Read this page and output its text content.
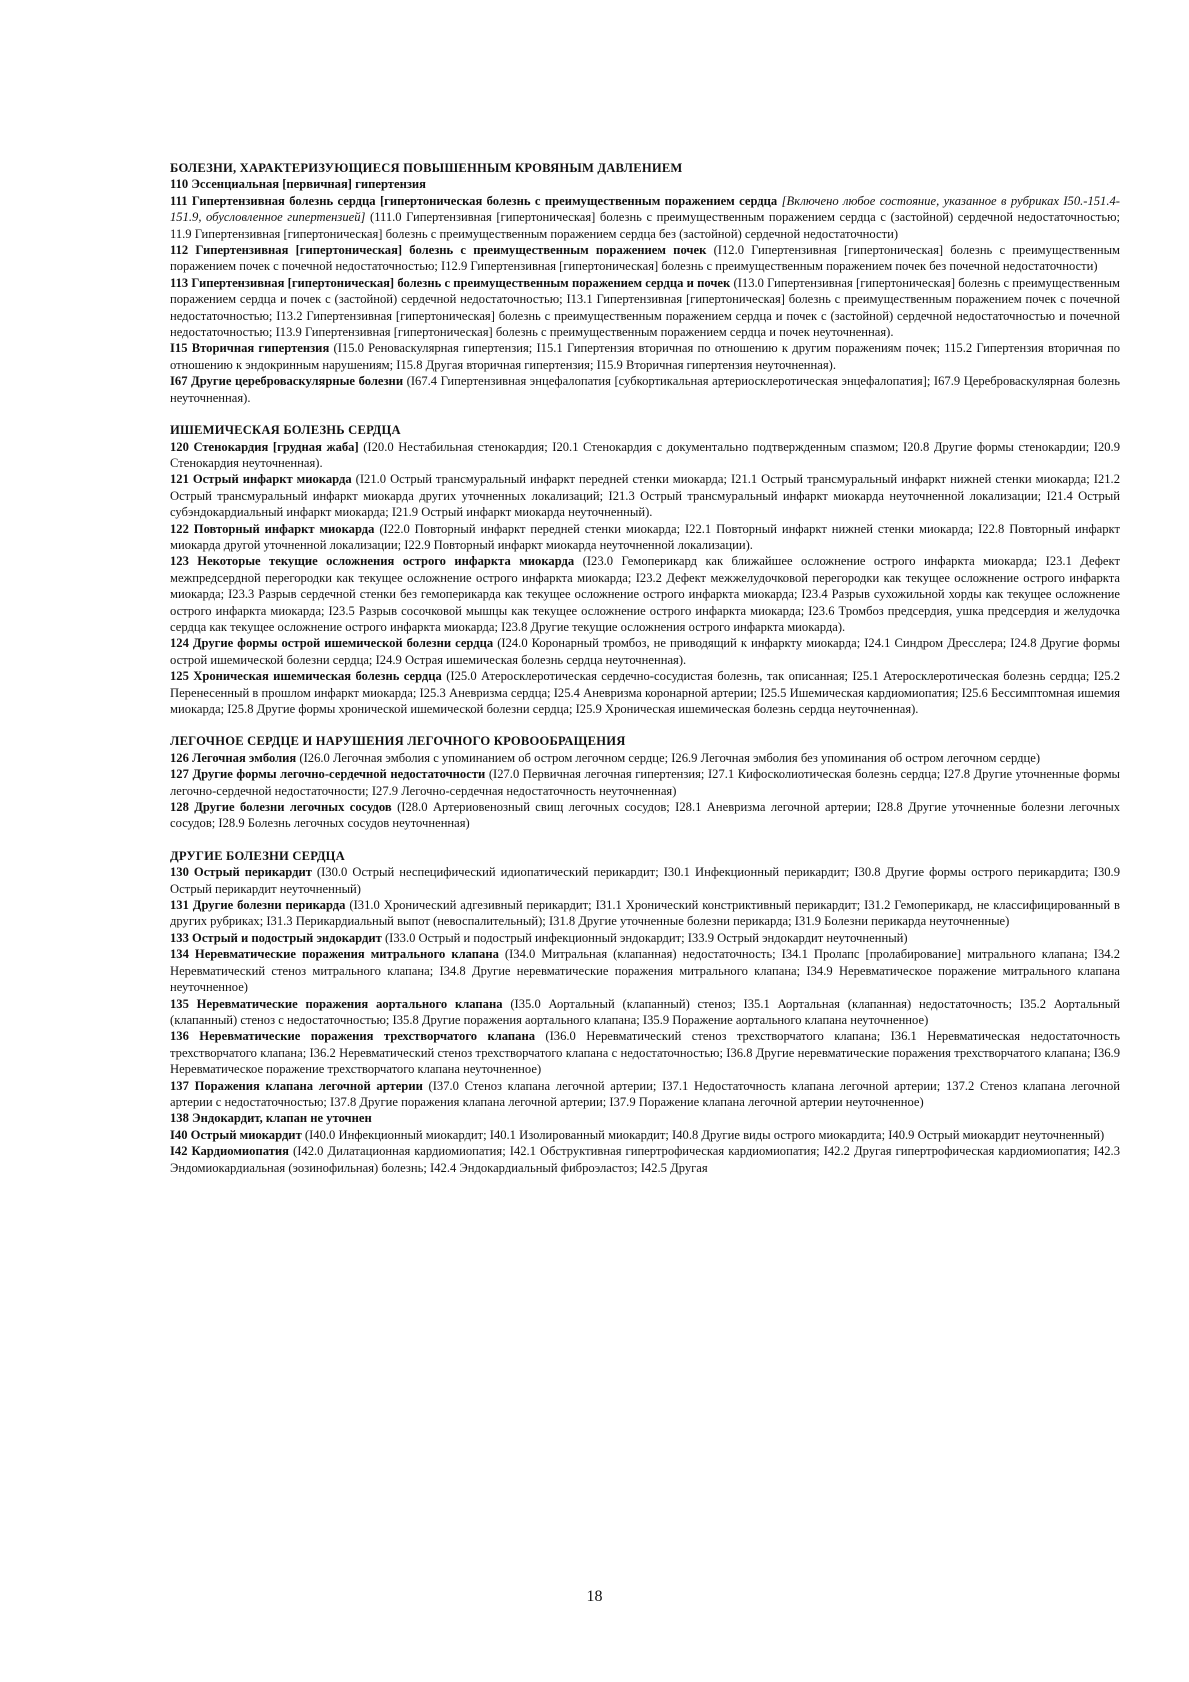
БОЛЕЗНИ, ХАРАКТЕРИЗУЮЩИЕСЯ ПОВЫШЕННЫМ КРОВЯНЫМ ДАВЛЕНИЕМ

110 Эссенциальная [первичная] гипертензия

111 Гипертензивная болезнь сердца [гипертоническая болезнь с преимущественным поражением сердца [Включено любое состояние, указанное в рубриках I50.-151.4-151.9, обусловленное гипертензией] (111.0 Гипертензивная [гипертоническая] болезнь с преимущественным поражением сердца с (застойной) сердечной недостаточностью; 11.9 Гипертензивная [гипертоническая] болезнь с преимущественным поражением сердца без (застойной) сердечной недостаточности)

112 Гипертензивная [гипертоническая] болезнь с преимущественным поражением почек (I12.0 Гипертензивная [гипертоническая] болезнь с преимущественным поражением почек с почечной недостаточностью; I12.9 Гипертензивная [гипертоническая] болезнь с преимущественным поражением почек без почечной недостаточности)

113 Гипертензивная [гипертоническая] болезнь с преимущественным поражением сердца и почек (I13.0 Гипертензивная [гипертоническая] болезнь с преимущественным поражением сердца и почек с (застойной) сердечной недостаточностью; I13.1 Гипертензивная [гипертоническая] болезнь с преимущественным поражением почек с почечной недостаточностью; I13.2 Гипертензивная [гипертоническая] болезнь с преимущественным поражением сердца и почек с (застойной) сердечной недостаточностью и почечной недостаточностью; I13.9 Гипертензивная [гипертоническая] болезнь с преимущественным поражением сердца и почек неуточненная).

I15 Вторичная гипертензия (I15.0 Реноваскулярная гипертензия; I15.1 Гипертензия вторичная по отношению к другим поражениям почек; 115.2 Гипертензия вторичная по отношению к эндокринным нарушениям; I15.8 Другая вторичная гипертензия; I15.9 Вторичная гипертензия неуточненная).

I67 Другие цереброваскулярные болезни (I67.4 Гипертензивная энцефалопатия [субкортикальная артериосклеротическая энцефалопатия]; I67.9 Цереброваскулярная болезнь неуточненная).

ИШЕМИЧЕСКАЯ БОЛЕЗНЬ СЕРДЦА

120 Стенокардия [грудная жаба] (I20.0 Нестабильная стенокардия; I20.1 Стенокардия с документально подтвержденным спазмом; I20.8 Другие формы стенокардии; I20.9 Стенокардия неуточненная).

121 Острый инфаркт миокарда (I21.0 Острый трансмуральный инфаркт передней стенки миокарда; I21.1 Острый трансмуральный инфаркт нижней стенки миокарда; I21.2 Острый трансмуральный инфаркт миокарда других уточненных локализаций; I21.3 Острый трансмуральный инфаркт миокарда неуточненной локализации; I21.4 Острый субэндокардиальный инфаркт миокарда; I21.9 Острый инфаркт миокарда неуточненный).

122 Повторный инфаркт миокарда (I22.0 Повторный инфаркт передней стенки миокарда; I22.1 Повторный инфаркт нижней стенки миокарда; I22.8 Повторный инфаркт миокарда другой уточненной локализации; I22.9 Повторный инфаркт миокарда неуточненной локализации).

123 Некоторые текущие осложнения острого инфаркта миокарда (I23.0 Гемоперикард как ближайшее осложнение острого инфаркта миокарда; I23.1 Дефект межпредсердной перегородки как текущее осложнение острого инфаркта миокарда; I23.2 Дефект межжелудочковой перегородки как текущее осложнение острого инфаркта миокарда; I23.3 Разрыв сердечной стенки без гемоперикарда как текущее осложнение острого инфаркта миокарда; I23.4 Разрыв сухожильной хорды как текущее осложнение острого инфаркта миокарда; I23.5 Разрыв сосочковой мышцы как текущее осложнение острого инфаркта миокарда; I23.6 Тромбоз предсердия, ушка предсердия и желудочка сердца как текущее осложнение острого инфаркта миокарда; I23.8 Другие текущие осложнения острого инфаркта миокарда).

124 Другие формы острой ишемической болезни сердца (I24.0 Коронарный тромбоз, не приводящий к инфаркту миокарда; I24.1 Синдром Дресслера; I24.8 Другие формы острой ишемической болезни сердца; I24.9 Острая ишемическая болезнь сердца неуточненная).

125 Хроническая ишемическая болезнь сердца (I25.0 Атеросклеротическая сердечно-сосудистая болезнь, так описанная; I25.1 Атеросклеротическая болезнь сердца; I25.2 Перенесенный в прошлом инфаркт миокарда; I25.3 Аневризма сердца; I25.4 Аневризма коронарной артерии; I25.5 Ишемическая кардиомиопатия; I25.6 Бессимптомная ишемия миокарда; I25.8 Другие формы хронической ишемической болезни сердца; I25.9 Хроническая ишемическая болезнь сердца неуточненная).

ЛЕГОЧНОЕ СЕРДЦЕ И НАРУШЕНИЯ ЛЕГОЧНОГО КРОВООБРАЩЕНИЯ

126 Легочная эмболия (I26.0 Легочная эмболия с упоминанием об остром легочном сердце; I26.9 Легочная эмболия без упоминания об остром легочном сердце)

127 Другие формы легочно-сердечной недостаточности (I27.0 Первичная легочная гипертензия; I27.1 Кифосколиотическая болезнь сердца; I27.8 Другие уточненные формы легочно-сердечной недостаточности; I27.9 Легочно-сердечная недостаточность неуточненная)

128 Другие болезни легочных сосудов (I28.0 Артериовенозный свищ легочных сосудов; I28.1 Аневризма легочной артерии; I28.8 Другие уточненные болезни легочных сосудов; I28.9 Болезнь легочных сосудов неуточненная)

ДРУГИЕ БОЛЕЗНИ СЕРДЦА

130 Острый перикардит (I30.0 Острый неспецифический идиопатический перикардит; I30.1 Инфекционный перикардит; I30.8 Другие формы острого перикардита; I30.9 Острый перикардит неуточненный)

131 Другие болезни перикарда (I31.0 Хронический адгезивный перикардит; I31.1 Хронический констриктивный перикардит; I31.2 Гемоперикард, не классифицированный в других рубриках; I31.3 Перикардиальный выпот (невоспалительный); I31.8 Другие уточненные болезни перикарда; I31.9 Болезни перикарда неуточненные)

133 Острый и подострый эндокардит (I33.0 Острый и подострый инфекционный эндокардит; I33.9 Острый эндокардит неуточненный)

134 Неревматические поражения митрального клапана (I34.0 Митральная (клапанная) недостаточность; I34.1 Пролапс [пролабирование] митрального клапана; I34.2 Неревматический стеноз митрального клапана; I34.8 Другие неревматические поражения митрального клапана; I34.9 Неревматическое поражение митрального клапана неуточненное)

135 Неревматические поражения аортального клапана (I35.0 Аортальный (клапанный) стеноз; I35.1 Аортальная (клапанная) недостаточность; I35.2 Аортальный (клапанный) стеноз с недостаточностью; I35.8 Другие поражения аортального клапана; I35.9 Поражение аортального клапана неуточненное)

136 Неревматические поражения трехстворчатого клапана (I36.0 Неревматический стеноз трехстворчатого клапана; I36.1 Неревматическая недостаточность трехстворчатого клапана; I36.2 Неревматический стеноз трехстворчатого клапана с недостаточностью; I36.8 Другие неревматические поражения трехстворчатого клапана; I36.9 Неревматическое поражение трехстворчатого клапана неуточненное)

137 Поражения клапана легочной артерии (I37.0 Стеноз клапана легочной артерии; I37.1 Недостаточность клапана легочной артерии; 137.2 Стеноз клапана легочной артерии с недостаточностью; I37.8 Другие поражения клапана легочной артерии; I37.9 Поражение клапана легочной артерии неуточненное)

138 Эндокардит, клапан не уточнен

I40 Острый миокардит (I40.0 Инфекционный миокардит; I40.1 Изолированный миокардит; I40.8 Другие виды острого миокардита; I40.9 Острый миокардит неуточненный)

I42 Кардиомиопатия (I42.0 Дилатационная кардиомиопатия; I42.1 Обструктивная гипертрофическая кардиомиопатия; I42.2 Другая гипертрофическая кардиомиопатия; I42.3 Эндомиокардиальная (эозинофильная) болезнь; I42.4 Эндокардиальный фиброэластоз; I42.5 Другая

18
